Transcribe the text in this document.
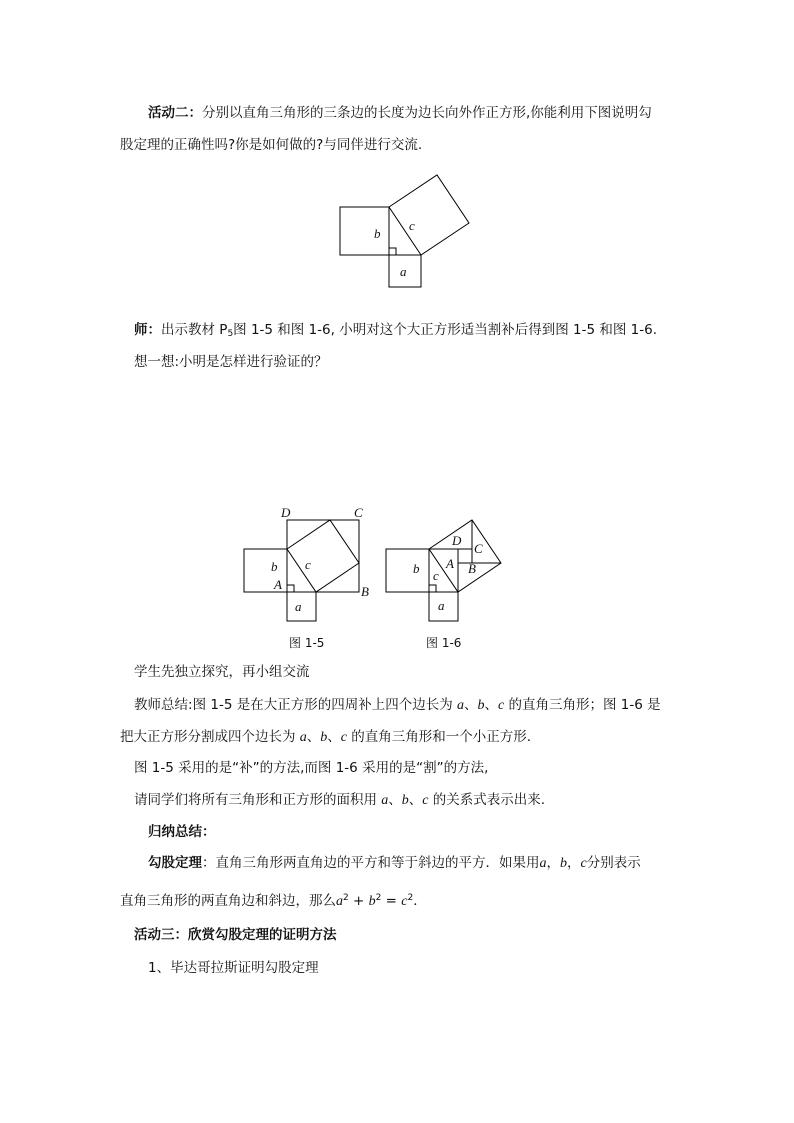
活动二：分别以直角三角形的三条边的长度为边长向外作正方形,你能利用下图说明勾
股定理的正确性吗?你是如何做的?与同伴进行交流.
b
c
a
师：出示教材 $P_5$图 1-5 和图 1-6, 小明对这个大正方形适当割补后得到图 1-5 和图 1-6.
想一想:小明是怎样进行验证的？
D	C
B
A
b c
a
图 1-5
D
C
B
A
b c
a
图 1-6
学生先独立探究，再小组交流
教师总结:图 1-5 是在大正方形的四周补上四个边长为 a、b、c 的直角三角形；图 1-6 是
把大正方形分割成四个边长为 a、b、c 的直角三角形和一个小正方形.
图 1-5 采用的是“补”的方法,而图 1-6 采用的是“割”的方法,
请同学们将所有三角形和正方形的面积用 a、b、c 的关系式表示出来.
归纳总结：
勾股定理：直角三角形两直角边的平方和等于斜边的平方．如果用a，b，c分别表示
直角三角形的两直角边和斜边，那么$a^2 + b^2 = c^2$．
活动三：欣赏勾股定理的证明方法
1、毕达哥拉斯证明勾股定理
